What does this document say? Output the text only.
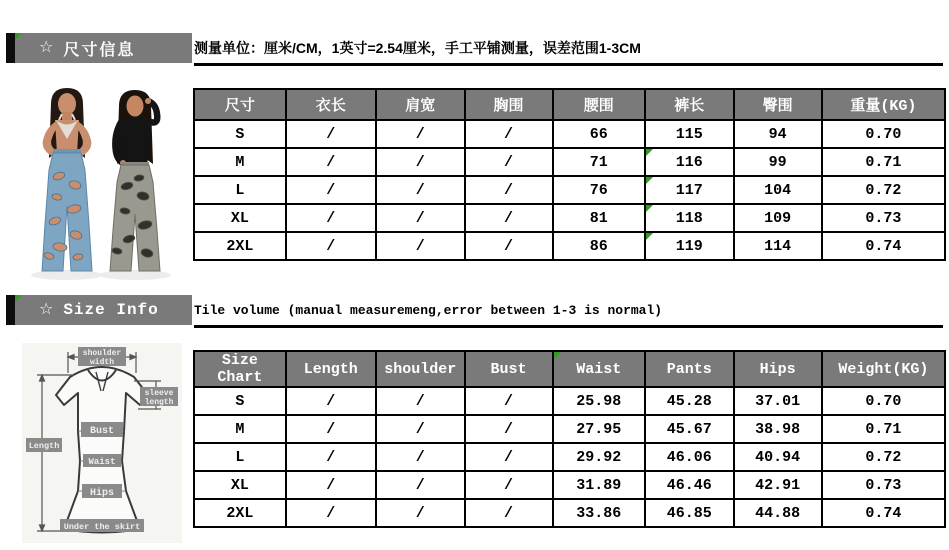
☆ 尺寸信息	测量单位：厘米/CM，1英寸=2.54厘米，手工平铺测量，误差范围1-3CM
尺寸	衣长	肩宽	胸围	腰围	裤长	臀围	重量(KG)
S	/	/	/	66	115	94	0.70
M	/	/	/	71	116	99	0.71
L	/	/	/	76	117	104	0.72
XL	/	/	/	81	118	109	0.73
2XL	/	/	/	86	119	114	0.74
☆ Size Info	Tile volume (manual measuremeng,error between 1-3 is normal)
shoulder
width
sleeve
length
Length
Bust
Waist
Hips
Under the skirt
Size Chart	Length	shoulder	Bust	Waist	Pants	Hips	Weight(KG)
S	/	/	/	25.98	45.28	37.01	0.70
M	/	/	/	27.95	45.67	38.98	0.71
L	/	/	/	29.92	46.06	40.94	0.72
XL	/	/	/	31.89	46.46	42.91	0.73
2XL	/	/	/	33.86	46.85	44.88	0.74
